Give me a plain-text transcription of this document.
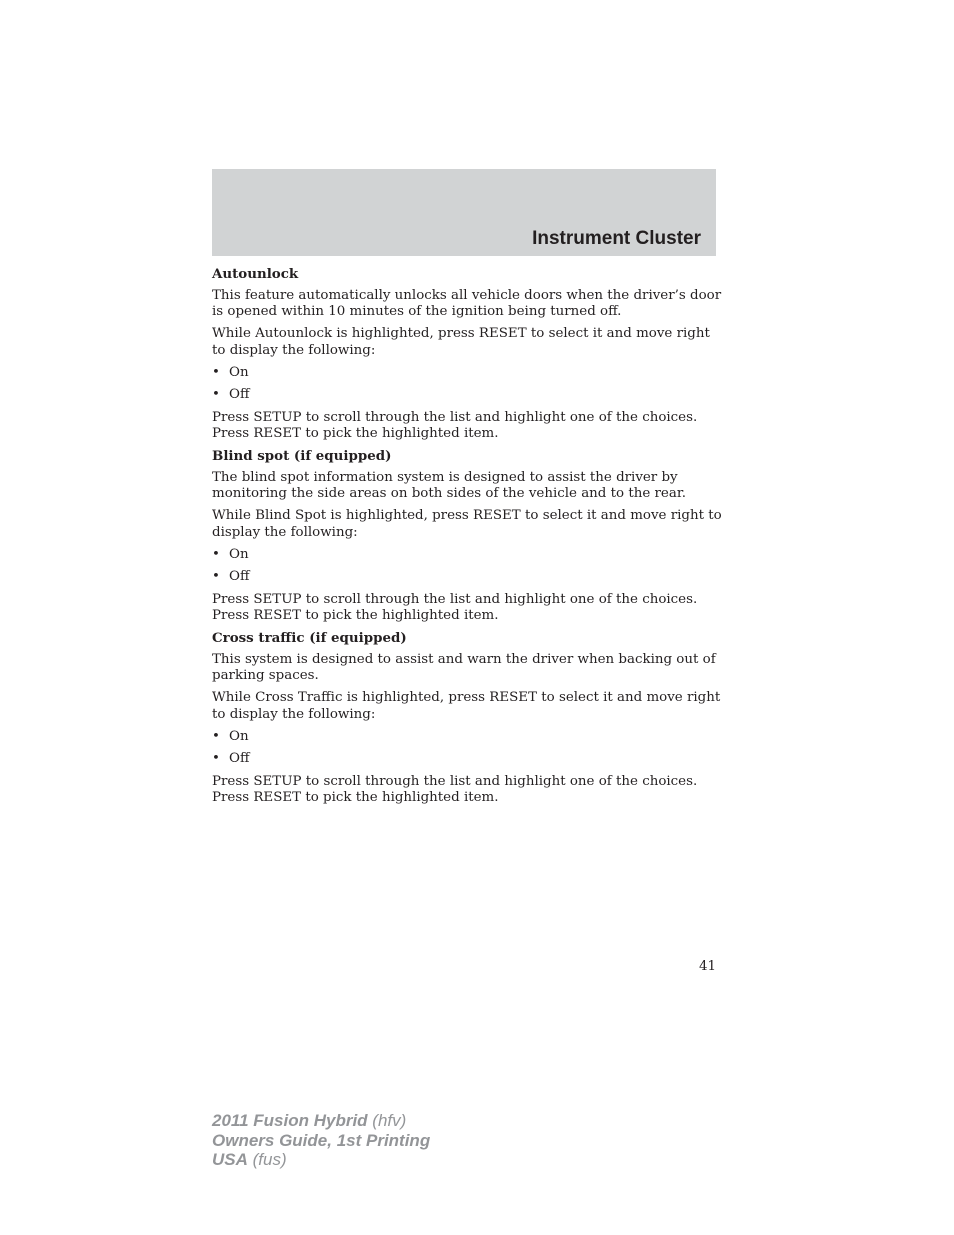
Instrument Cluster

Autounlock

This feature automatically unlocks all vehicle doors when the driver’s door is opened within 10 minutes of the ignition being turned off.

While Autounlock is highlighted, press RESET to select it and move right to display the following:

• On
• Off

Press SETUP to scroll through the list and highlight one of the choices. Press RESET to pick the highlighted item.

Blind spot (if equipped)

The blind spot information system is designed to assist the driver by monitoring the side areas on both sides of the vehicle and to the rear.

While Blind Spot is highlighted, press RESET to select it and move right to display the following:

• On
• Off

Press SETUP to scroll through the list and highlight one of the choices. Press RESET to pick the highlighted item.

Cross traffic (if equipped)

This system is designed to assist and warn the driver when backing out of parking spaces.

While Cross Traffic is highlighted, press RESET to select it and move right to display the following:

• On
• Off

Press SETUP to scroll through the list and highlight one of the choices. Press RESET to pick the highlighted item.

41
2011 Fusion Hybrid (hfv)
Owners Guide, 1st Printing
USA (fus)
